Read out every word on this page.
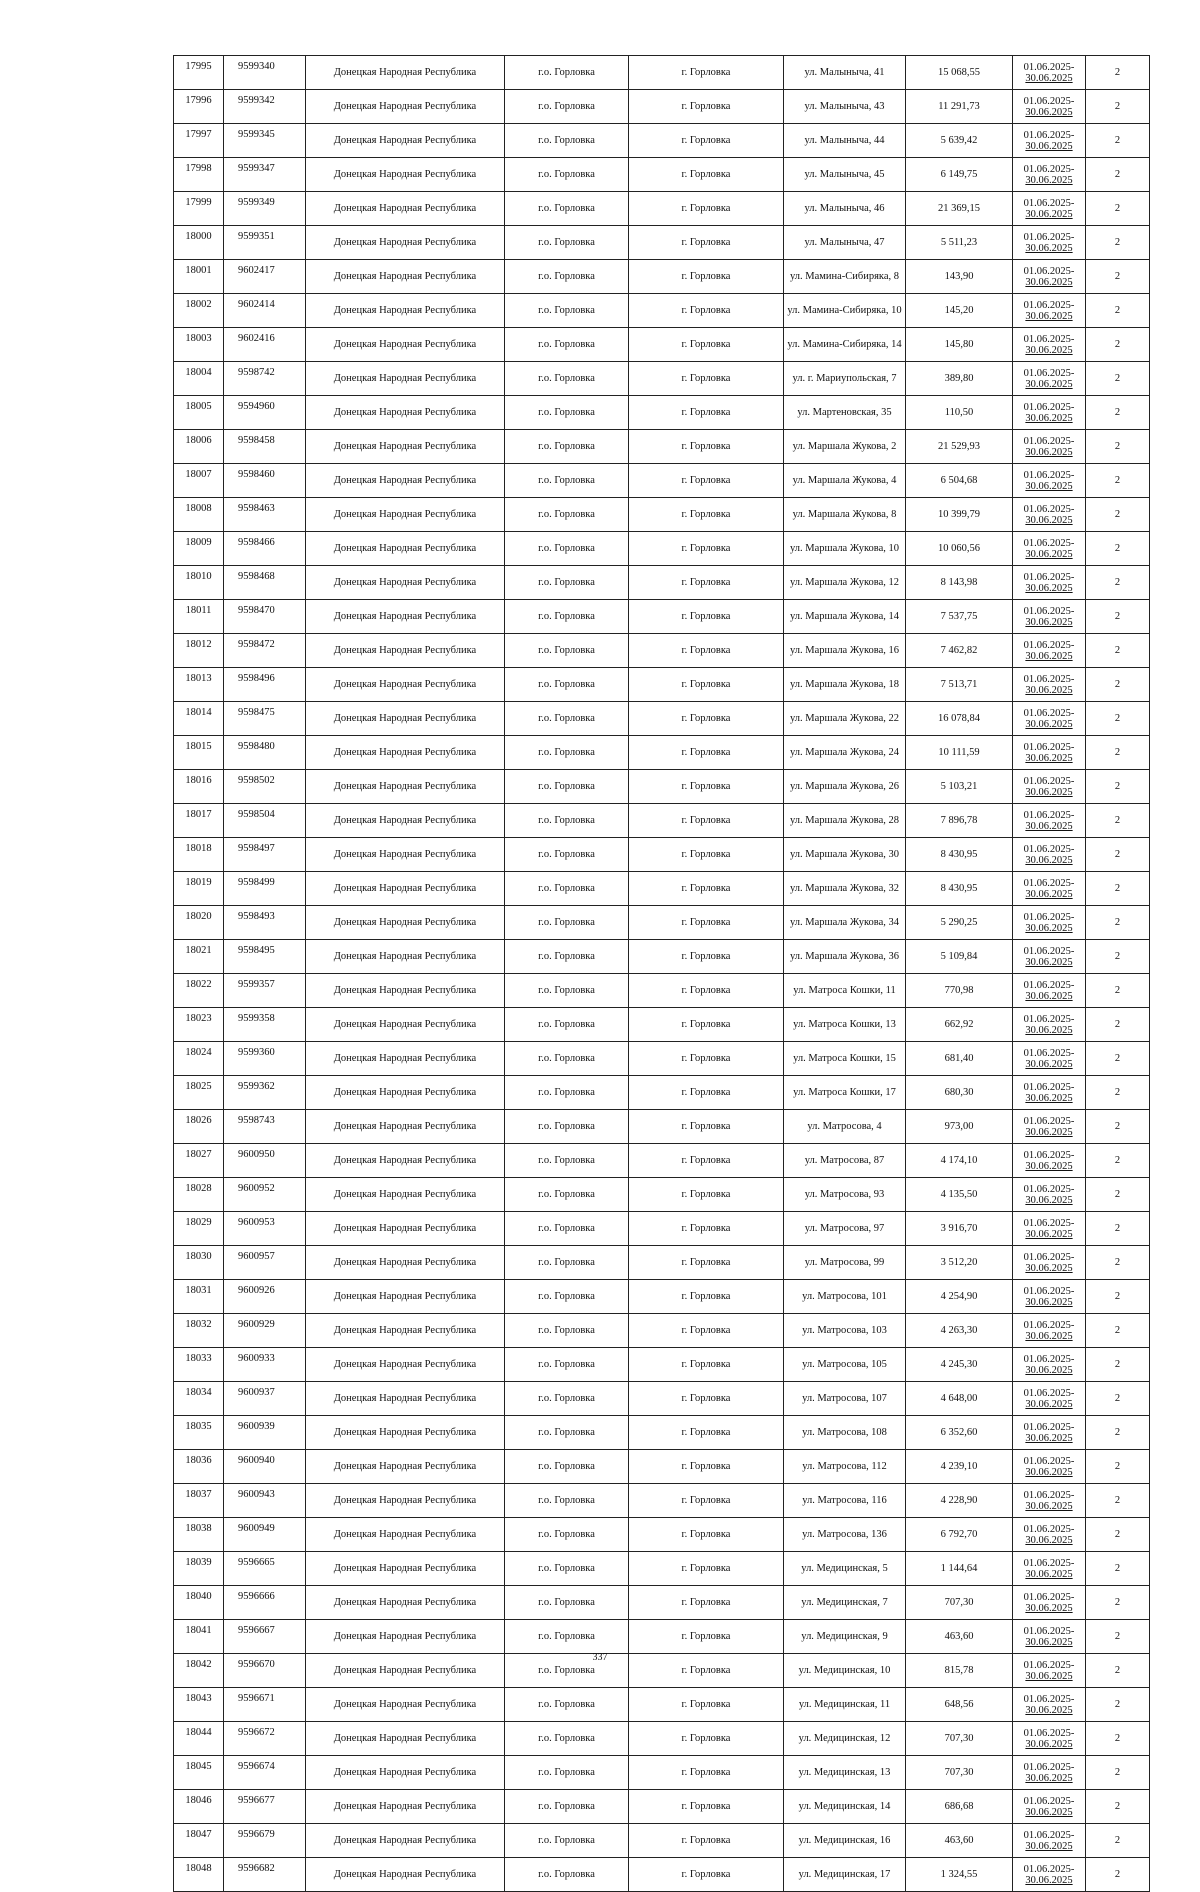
17995	9599340	Донецкая Народная Республика	г.о. Горловка	г. Горловка	ул. Малыныча, 41	15 068,55	01.06.2025-
30.06.2025	2
17996	9599342	Донецкая Народная Республика	г.о. Горловка	г. Горловка	ул. Малыныча, 43	11 291,73	01.06.2025-
30.06.2025	2
17997	9599345	Донецкая Народная Республика	г.о. Горловка	г. Горловка	ул. Малыныча, 44	5 639,42	01.06.2025-
30.06.2025	2
17998	9599347	Донецкая Народная Республика	г.о. Горловка	г. Горловка	ул. Малыныча, 45	6 149,75	01.06.2025-
30.06.2025	2
17999	9599349	Донецкая Народная Республика	г.о. Горловка	г. Горловка	ул. Малыныча, 46	21 369,15	01.06.2025-
30.06.2025	2
18000	9599351	Донецкая Народная Республика	г.о. Горловка	г. Горловка	ул. Малыныча, 47	5 511,23	01.06.2025-
30.06.2025	2
18001	9602417	Донецкая Народная Республика	г.о. Горловка	г. Горловка	ул. Мамина-Сибиряка, 8	143,90	01.06.2025-
30.06.2025	2
18002	9602414	Донецкая Народная Республика	г.о. Горловка	г. Горловка	ул. Мамина-Сибиряка, 10	145,20	01.06.2025-
30.06.2025	2
18003	9602416	Донецкая Народная Республика	г.о. Горловка	г. Горловка	ул. Мамина-Сибиряка, 14	145,80	01.06.2025-
30.06.2025	2
18004	9598742	Донецкая Народная Республика	г.о. Горловка	г. Горловка	ул. г. Мариупольская, 7	389,80	01.06.2025-
30.06.2025	2
18005	9594960	Донецкая Народная Республика	г.о. Горловка	г. Горловка	ул. Мартеновская, 35	110,50	01.06.2025-
30.06.2025	2
18006	9598458	Донецкая Народная Республика	г.о. Горловка	г. Горловка	ул. Маршала Жукова, 2	21 529,93	01.06.2025-
30.06.2025	2
18007	9598460	Донецкая Народная Республика	г.о. Горловка	г. Горловка	ул. Маршала Жукова, 4	6 504,68	01.06.2025-
30.06.2025	2
18008	9598463	Донецкая Народная Республика	г.о. Горловка	г. Горловка	ул. Маршала Жукова, 8	10 399,79	01.06.2025-
30.06.2025	2
18009	9598466	Донецкая Народная Республика	г.о. Горловка	г. Горловка	ул. Маршала Жукова, 10	10 060,56	01.06.2025-
30.06.2025	2
18010	9598468	Донецкая Народная Республика	г.о. Горловка	г. Горловка	ул. Маршала Жукова, 12	8 143,98	01.06.2025-
30.06.2025	2
18011	9598470	Донецкая Народная Республика	г.о. Горловка	г. Горловка	ул. Маршала Жукова, 14	7 537,75	01.06.2025-
30.06.2025	2
18012	9598472	Донецкая Народная Республика	г.о. Горловка	г. Горловка	ул. Маршала Жукова, 16	7 462,82	01.06.2025-
30.06.2025	2
18013	9598496	Донецкая Народная Республика	г.о. Горловка	г. Горловка	ул. Маршала Жукова, 18	7 513,71	01.06.2025-
30.06.2025	2
18014	9598475	Донецкая Народная Республика	г.о. Горловка	г. Горловка	ул. Маршала Жукова, 22	16 078,84	01.06.2025-
30.06.2025	2
18015	9598480	Донецкая Народная Республика	г.о. Горловка	г. Горловка	ул. Маршала Жукова, 24	10 111,59	01.06.2025-
30.06.2025	2
18016	9598502	Донецкая Народная Республика	г.о. Горловка	г. Горловка	ул. Маршала Жукова, 26	5 103,21	01.06.2025-
30.06.2025	2
18017	9598504	Донецкая Народная Республика	г.о. Горловка	г. Горловка	ул. Маршала Жукова, 28	7 896,78	01.06.2025-
30.06.2025	2
18018	9598497	Донецкая Народная Республика	г.о. Горловка	г. Горловка	ул. Маршала Жукова, 30	8 430,95	01.06.2025-
30.06.2025	2
18019	9598499	Донецкая Народная Республика	г.о. Горловка	г. Горловка	ул. Маршала Жукова, 32	8 430,95	01.06.2025-
30.06.2025	2
18020	9598493	Донецкая Народная Республика	г.о. Горловка	г. Горловка	ул. Маршала Жукова, 34	5 290,25	01.06.2025-
30.06.2025	2
18021	9598495	Донецкая Народная Республика	г.о. Горловка	г. Горловка	ул. Маршала Жукова, 36	5 109,84	01.06.2025-
30.06.2025	2
18022	9599357	Донецкая Народная Республика	г.о. Горловка	г. Горловка	ул. Матроса Кошки, 11	770,98	01.06.2025-
30.06.2025	2
18023	9599358	Донецкая Народная Республика	г.о. Горловка	г. Горловка	ул. Матроса Кошки, 13	662,92	01.06.2025-
30.06.2025	2
18024	9599360	Донецкая Народная Республика	г.о. Горловка	г. Горловка	ул. Матроса Кошки, 15	681,40	01.06.2025-
30.06.2025	2
18025	9599362	Донецкая Народная Республика	г.о. Горловка	г. Горловка	ул. Матроса Кошки, 17	680,30	01.06.2025-
30.06.2025	2
18026	9598743	Донецкая Народная Республика	г.о. Горловка	г. Горловка	ул. Матросова, 4	973,00	01.06.2025-
30.06.2025	2
18027	9600950	Донецкая Народная Республика	г.о. Горловка	г. Горловка	ул. Матросова, 87	4 174,10	01.06.2025-
30.06.2025	2
18028	9600952	Донецкая Народная Республика	г.о. Горловка	г. Горловка	ул. Матросова, 93	4 135,50	01.06.2025-
30.06.2025	2
18029	9600953	Донецкая Народная Республика	г.о. Горловка	г. Горловка	ул. Матросова, 97	3 916,70	01.06.2025-
30.06.2025	2
18030	9600957	Донецкая Народная Республика	г.о. Горловка	г. Горловка	ул. Матросова, 99	3 512,20	01.06.2025-
30.06.2025	2
18031	9600926	Донецкая Народная Республика	г.о. Горловка	г. Горловка	ул. Матросова, 101	4 254,90	01.06.2025-
30.06.2025	2
18032	9600929	Донецкая Народная Республика	г.о. Горловка	г. Горловка	ул. Матросова, 103	4 263,30	01.06.2025-
30.06.2025	2
18033	9600933	Донецкая Народная Республика	г.о. Горловка	г. Горловка	ул. Матросова, 105	4 245,30	01.06.2025-
30.06.2025	2
18034	9600937	Донецкая Народная Республика	г.о. Горловка	г. Горловка	ул. Матросова, 107	4 648,00	01.06.2025-
30.06.2025	2
18035	9600939	Донецкая Народная Республика	г.о. Горловка	г. Горловка	ул. Матросова, 108	6 352,60	01.06.2025-
30.06.2025	2
18036	9600940	Донецкая Народная Республика	г.о. Горловка	г. Горловка	ул. Матросова, 112	4 239,10	01.06.2025-
30.06.2025	2
18037	9600943	Донецкая Народная Республика	г.о. Горловка	г. Горловка	ул. Матросова, 116	4 228,90	01.06.2025-
30.06.2025	2
18038	9600949	Донецкая Народная Республика	г.о. Горловка	г. Горловка	ул. Матросова, 136	6 792,70	01.06.2025-
30.06.2025	2
18039	9596665	Донецкая Народная Республика	г.о. Горловка	г. Горловка	ул. Медицинская, 5	1 144,64	01.06.2025-
30.06.2025	2
18040	9596666	Донецкая Народная Республика	г.о. Горловка	г. Горловка	ул. Медицинская, 7	707,30	01.06.2025-
30.06.2025	2
18041	9596667	Донецкая Народная Республика	г.о. Горловка	г. Горловка	ул. Медицинская, 9	463,60	01.06.2025-
30.06.2025	2
18042	9596670	Донецкая Народная Республика	г.о. Горловка	г. Горловка	ул. Медицинская, 10	815,78	01.06.2025-
30.06.2025	2
18043	9596671	Донецкая Народная Республика	г.о. Горловка	г. Горловка	ул. Медицинская, 11	648,56	01.06.2025-
30.06.2025	2
18044	9596672	Донецкая Народная Республика	г.о. Горловка	г. Горловка	ул. Медицинская, 12	707,30	01.06.2025-
30.06.2025	2
18045	9596674	Донецкая Народная Республика	г.о. Горловка	г. Горловка	ул. Медицинская, 13	707,30	01.06.2025-
30.06.2025	2
18046	9596677	Донецкая Народная Республика	г.о. Горловка	г. Горловка	ул. Медицинская, 14	686,68	01.06.2025-
30.06.2025	2
18047	9596679	Донецкая Народная Республика	г.о. Горловка	г. Горловка	ул. Медицинская, 16	463,60	01.06.2025-
30.06.2025	2
18048	9596682	Донецкая Народная Республика	г.о. Горловка	г. Горловка	ул. Медицинская, 17	1 324,55	01.06.2025-
30.06.2025	2
337
